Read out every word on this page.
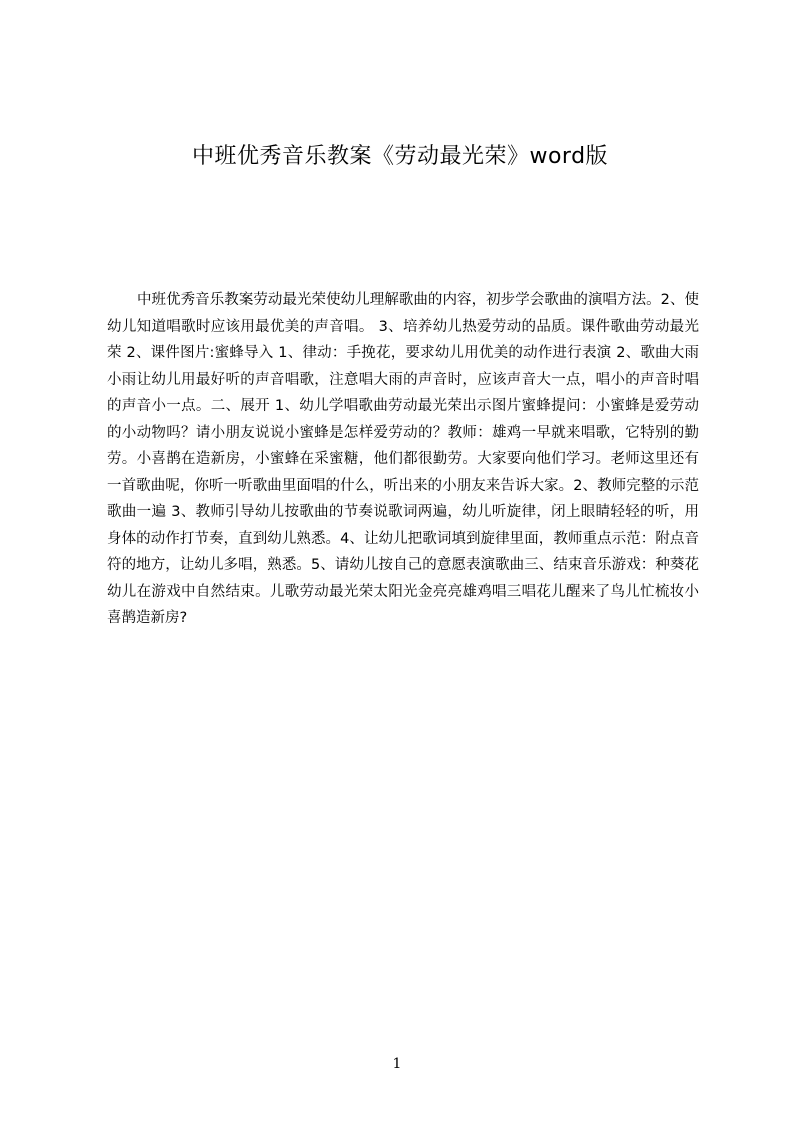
中班优秀音乐教案《劳动最光荣》word版

中班优秀音乐教案劳动最光荣使幼儿理解歌曲的内容，初步学会歌曲的演唱方法。2、使幼儿知道唱歌时应该用最优美的声音唱。 3、培养幼儿热爱劳动的品质。课件歌曲劳动最光荣 2、课件图片:蜜蜂导入 1、律动：手挽花，要求幼儿用优美的动作进行表演 2、歌曲大雨小雨让幼儿用最好听的声音唱歌，注意唱大雨的声音时，应该声音大一点，唱小的声音时唱的声音小一点。二、展开 1、幼儿学唱歌曲劳动最光荣出示图片蜜蜂提问：小蜜蜂是爱劳动的小动物吗？请小朋友说说小蜜蜂是怎样爱劳动的？教师：雄鸡一早就来唱歌，它特别的勤劳。小喜鹊在造新房，小蜜蜂在采蜜糖，他们都很勤劳。大家要向他们学习。老师这里还有一首歌曲呢，你听一听歌曲里面唱的什么，听出来的小朋友来告诉大家。2、教师完整的示范歌曲一遍 3、教师引导幼儿按歌曲的节奏说歌词两遍，幼儿听旋律，闭上眼睛轻轻的听，用身体的动作打节奏，直到幼儿熟悉。4、让幼儿把歌词填到旋律里面，教师重点示范：附点音符的地方，让幼儿多唱，熟悉。5、请幼儿按自己的意愿表演歌曲三、结束音乐游戏：种葵花幼儿在游戏中自然结束。儿歌劳动最光荣太阳光金亮亮雄鸡唱三唱花儿醒来了鸟儿忙梳妆小喜鹊造新房?

1
